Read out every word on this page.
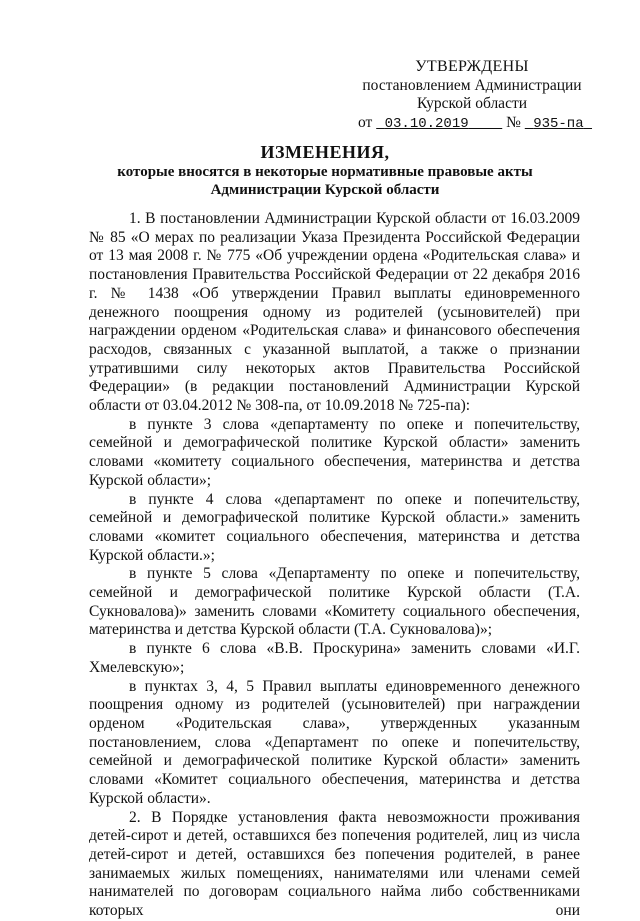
УТВЕРЖДЕНЫ
постановлением Администрации
Курской области
от 03.10.2019 № 935-па
ИЗМЕНЕНИЯ,
которые вносятся в некоторые нормативные правовые акты
Администрации Курской области

1. В постановлении Администрации Курской области от 16.03.2009 № 85 «О мерах по реализации Указа Президента Российской Федерации от 13 мая 2008 г. № 775 «Об учреждении ордена «Родительская слава» и постановления Правительства Российской Федерации от 22 декабря 2016 г. № 1438 «Об утверждении Правил выплаты единовременного денежного поощрения одному из родителей (усыновителей) при награждении орденом «Родительская слава» и финансового обеспечения расходов, связанных с указанной выплатой, а также о признании утратившими силу некоторых актов Правительства Российской Федерации» (в редакции постановлений Администрации Курской области от 03.04.2012 № 308-па, от 10.09.2018 № 725-па):

в пункте 3 слова «департаменту по опеке и попечительству, семейной и демографической политике Курской области» заменить словами «комитету социального обеспечения, материнства и детства Курской области»;

в пункте 4 слова «департамент по опеке и попечительству, семейной и демографической политике Курской области.» заменить словами «комитет социального обеспечения, материнства и детства Курской области.»;

в пункте 5 слова «Департаменту по опеке и попечительству, семейной и демографической политике Курской области (Т.А. Сукновалова)» заменить словами «Комитету социального обеспечения, материнства и детства Курской области (Т.А. Сукновалова)»;

в пункте 6 слова «В.В. Проскурина» заменить словами «И.Г. Хмелевскую»;

в пунктах 3, 4, 5 Правил выплаты единовременного денежного поощрения одному из родителей (усыновителей) при награждении орденом «Родительская слава», утвержденных указанным постановлением, слова «Департамент по опеке и попечительству, семейной и демографической политике Курской области» заменить словами «Комитет социального обеспечения, материнства и детства Курской области».

2. В Порядке установления факта невозможности проживания детей-сирот и детей, оставшихся без попечения родителей, лиц из числа детей-сирот и детей, оставшихся без попечения родителей, в ранее занимаемых жилых помещениях, нанимателями или членами семей нанимателей по договорам социального найма либо собственниками которых они
